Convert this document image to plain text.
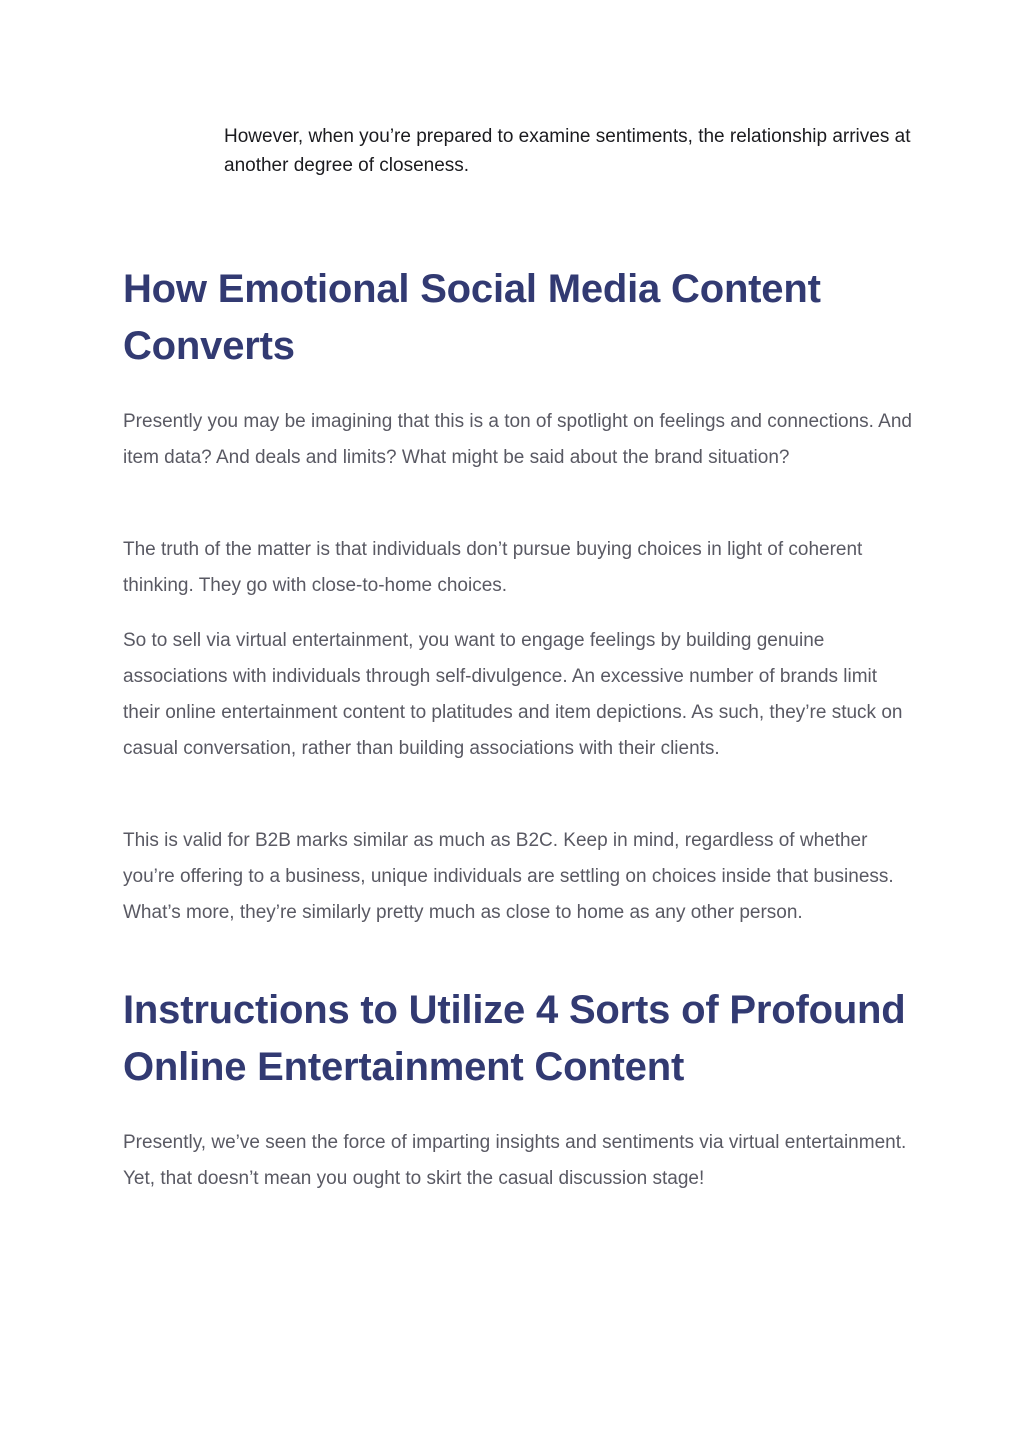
However, when you’re prepared to examine sentiments, the relationship arrives at another degree of closeness.

How Emotional Social Media Content Converts

Presently you may be imagining that this is a ton of spotlight on feelings and connections. And item data? And deals and limits? What might be said about the brand situation?

The truth of the matter is that individuals don’t pursue buying choices in light of coherent thinking. They go with close-to-home choices.

So to sell via virtual entertainment, you want to engage feelings by building genuine associations with individuals through self-divulgence. An excessive number of brands limit their online entertainment content to platitudes and item depictions. As such, they’re stuck on casual conversation, rather than building associations with their clients.

This is valid for B2B marks similar as much as B2C. Keep in mind, regardless of whether you’re offering to a business, unique individuals are settling on choices inside that business. What’s more, they’re similarly pretty much as close to home as any other person.

Instructions to Utilize 4 Sorts of Profound Online Entertainment Content

Presently, we’ve seen the force of imparting insights and sentiments via virtual entertainment. Yet, that doesn’t mean you ought to skirt the casual discussion stage!
